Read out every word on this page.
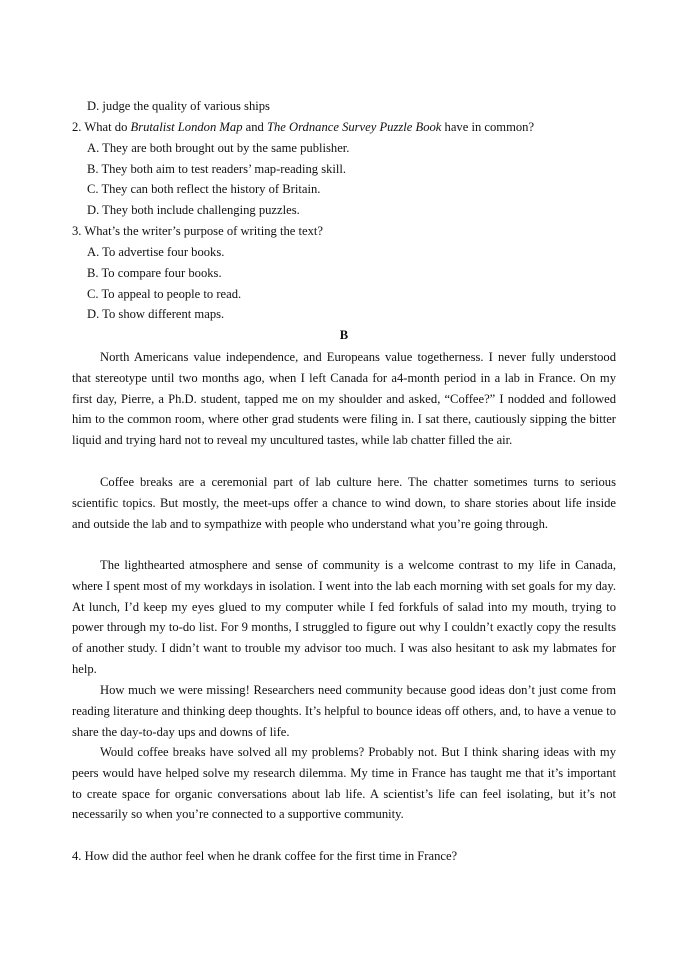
D. judge the quality of various ships
2. What do Brutalist London Map and The Ordnance Survey Puzzle Book have in common?
A. They are both brought out by the same publisher.
B. They both aim to test readers’ map-reading skill.
C. They can both reflect the history of Britain.
D. They both include challenging puzzles.
3. What’s the writer’s purpose of writing the text?
A. To advertise four books.
B. To compare four books.
C. To appeal to people to read.
D. To show different maps.
B

North Americans value independence, and Europeans value togetherness. I never fully understood that stereotype until two months ago, when I left Canada for a4-month period in a lab in France. On my first day, Pierre, a Ph.D. student, tapped me on my shoulder and asked, “Coffee?” I nodded and followed him to the common room, where other grad students were filing in. I sat there, cautiously sipping the bitter liquid and trying hard not to reveal my uncultured tastes, while lab chatter filled the air.

Coffee breaks are a ceremonial part of lab culture here. The chatter sometimes turns to serious scientific topics. But mostly, the meet-ups offer a chance to wind down, to share stories about life inside and outside the lab and to sympathize with people who understand what you’re going through.

The lighthearted atmosphere and sense of community is a welcome contrast to my life in Canada, where I spent most of my workdays in isolation. I went into the lab each morning with set goals for my day. At lunch, I’d keep my eyes glued to my computer while I fed forkfuls of salad into my mouth, trying to power through my to-do list. For 9 months, I struggled to figure out why I couldn’t exactly copy the results of another study. I didn’t want to trouble my advisor too much. I was also hesitant to ask my labmates for help.

How much we were missing! Researchers need community because good ideas don’t just come from reading literature and thinking deep thoughts. It’s helpful to bounce ideas off others, and, to have a venue to share the day-to-day ups and downs of life.

Would coffee breaks have solved all my problems? Probably not. But I think sharing ideas with my peers would have helped solve my research dilemma. My time in France has taught me that it’s important to create space for organic conversations about lab life. A scientist’s life can feel isolating, but it’s not necessarily so when you’re connected to a supportive community.

4. How did the author feel when he drank coffee for the first time in France?
